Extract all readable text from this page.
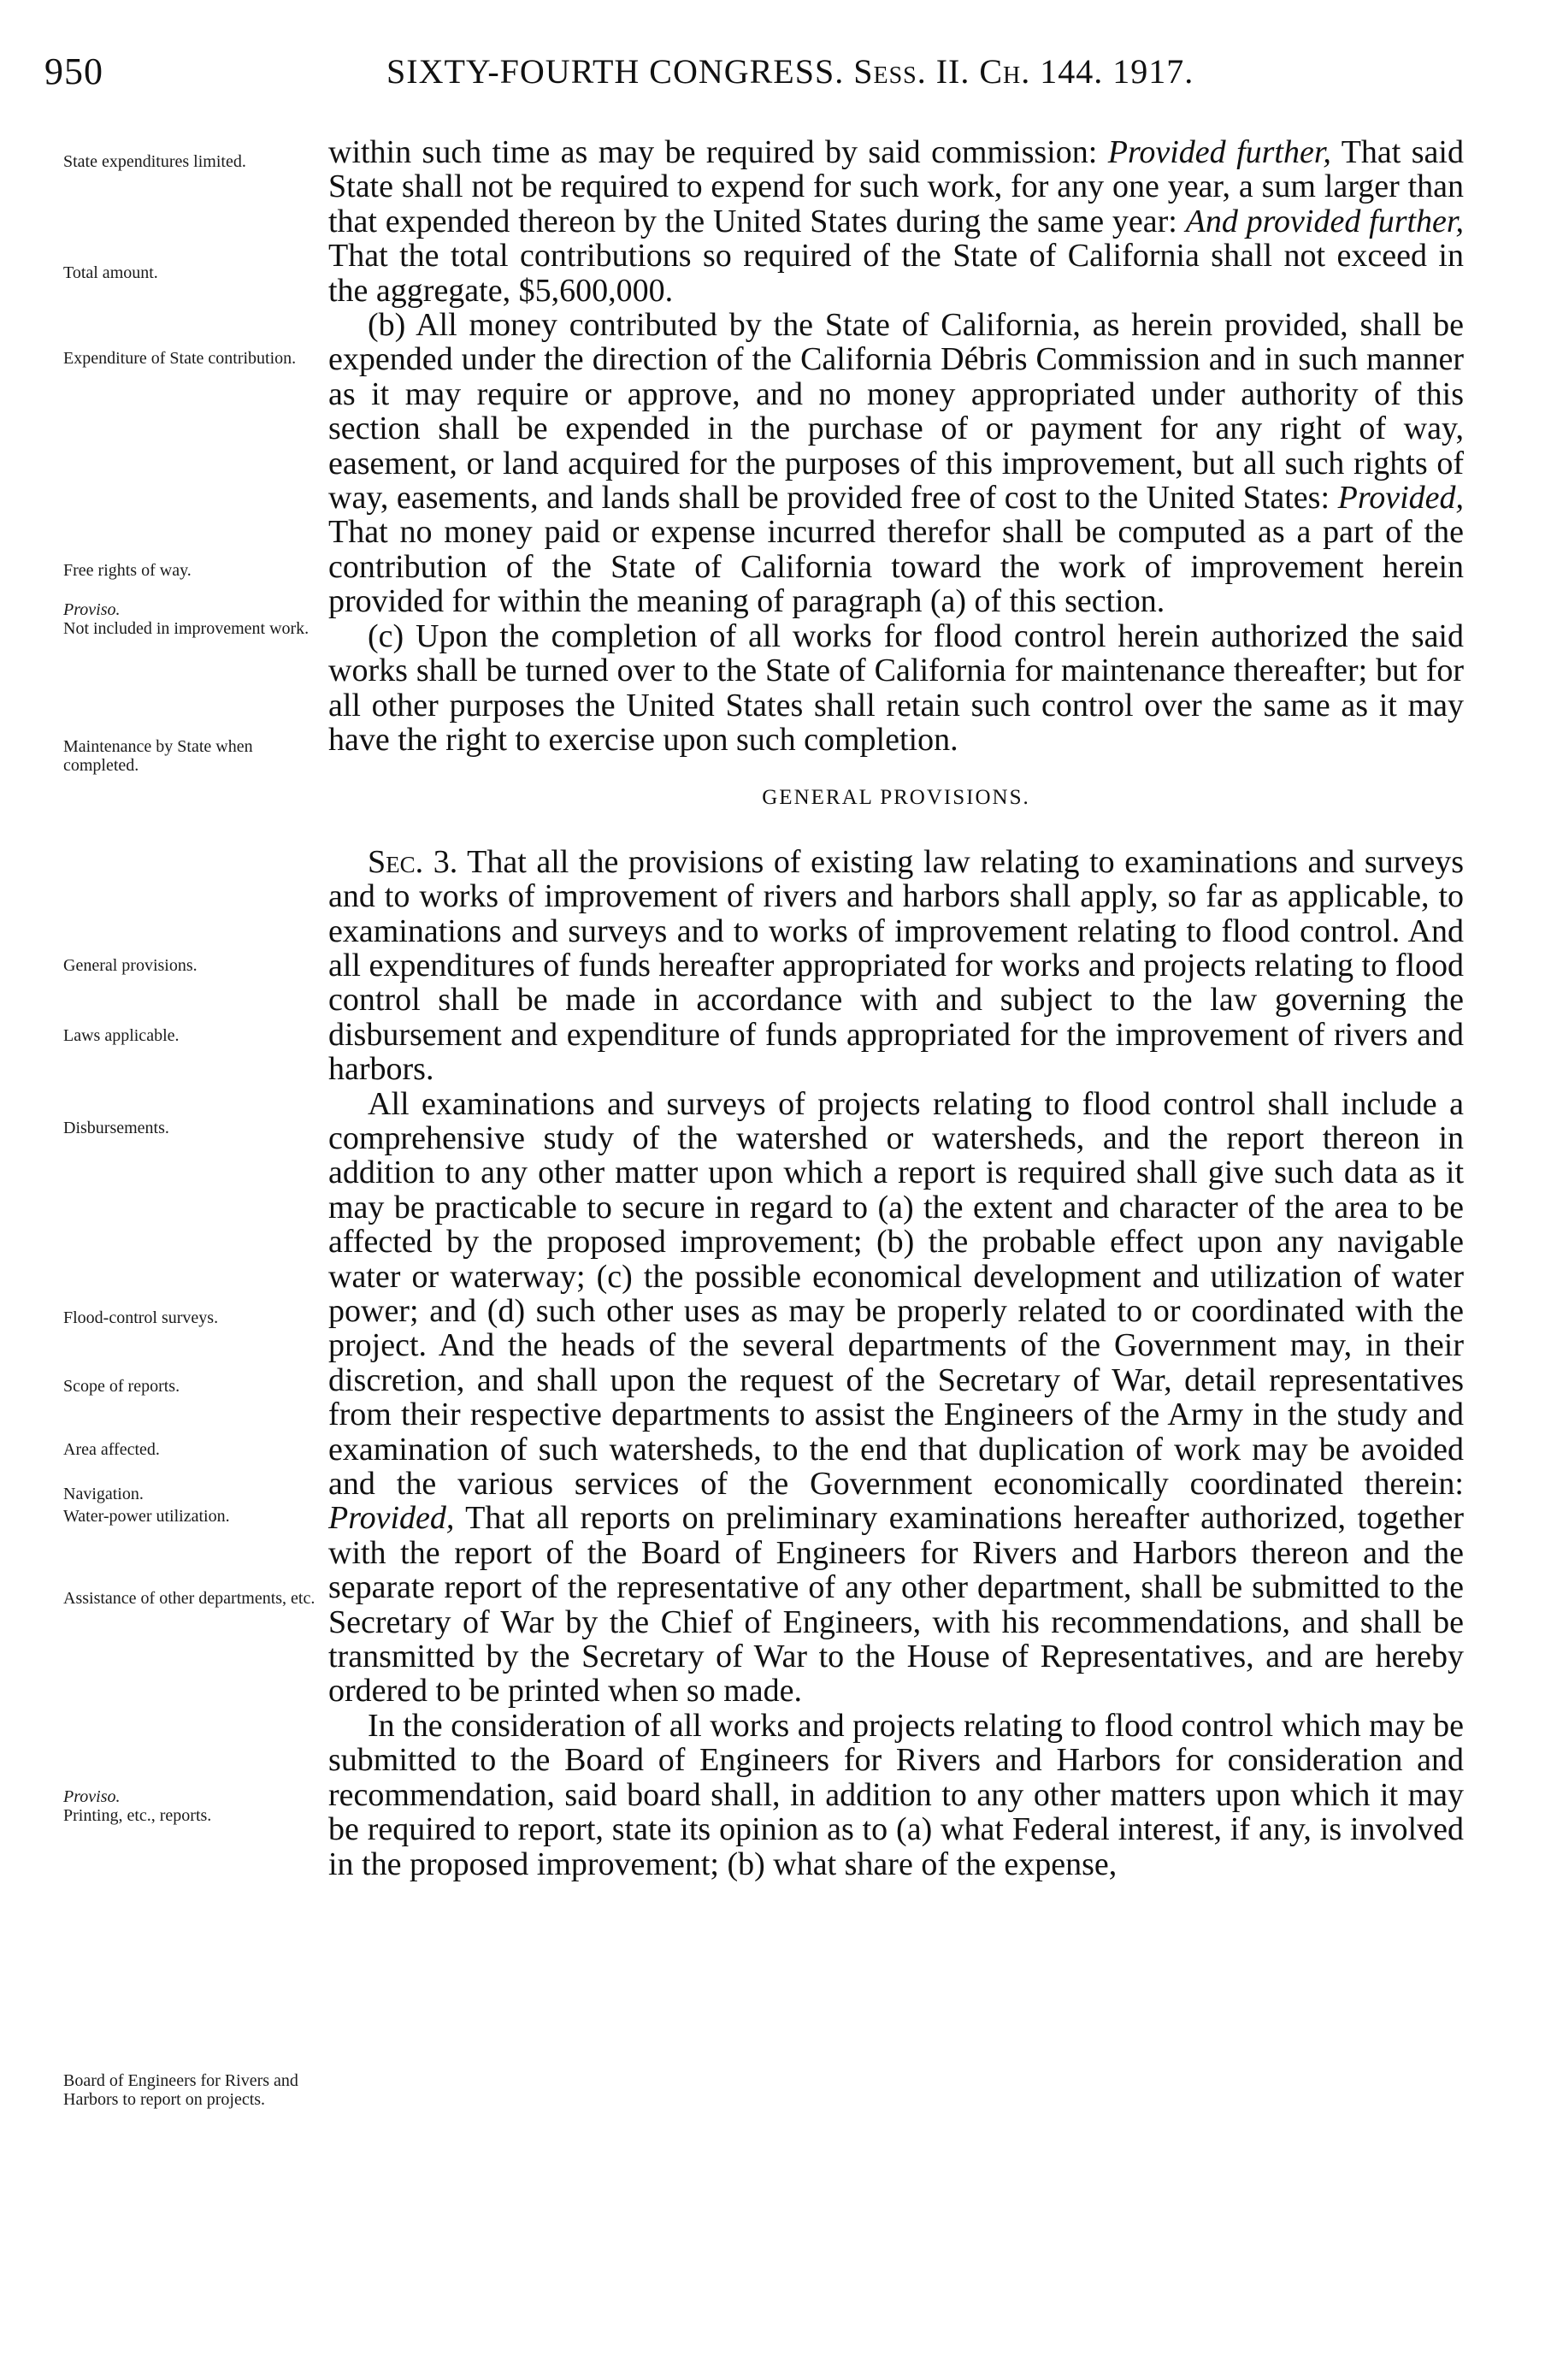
950	SIXTY-FOURTH CONGRESS. Sess. II. Ch. 144. 1917.
State expenditures limited.
Total amount.
Expenditure of State contribution.
Free rights of way.
Proviso.
Not included in improvement work.
Maintenance by State when completed.
General provisions.
Laws applicable.
Disbursements.
Flood-control surveys.
Scope of reports.
Area affected.
Navigation.
Water-power utilization.
Assistance of other departments, etc.
Proviso.
Printing, etc., reports.
Board of Engineers for Rivers and Harbors to report on projects.

within such time as may be required by said commission: Provided further, That said State shall not be required to expend for such work, for any one year, a sum larger than that expended thereon by the United States during the same year: And provided further, That the total contributions so required of the State of California shall not exceed in the aggregate, $5,600,000.

(b) All money contributed by the State of California, as herein provided, shall be expended under the direction of the California Débris Commission and in such manner as it may require or approve, and no money appropriated under authority of this section shall be expended in the purchase of or payment for any right of way, easement, or land acquired for the purposes of this improvement, but all such rights of way, easements, and lands shall be provided free of cost to the United States: Provided, That no money paid or expense incurred therefor shall be computed as a part of the contribution of the State of California toward the work of improvement herein provided for within the meaning of paragraph (a) of this section.

(c) Upon the completion of all works for flood control herein authorized the said works shall be turned over to the State of California for maintenance thereafter; but for all other purposes the United States shall retain such control over the same as it may have the right to exercise upon such completion.

GENERAL PROVISIONS.

Sec. 3. That all the provisions of existing law relating to examinations and surveys and to works of improvement of rivers and harbors shall apply, so far as applicable, to examinations and surveys and to works of improvement relating to flood control. And all expenditures of funds hereafter appropriated for works and projects relating to flood control shall be made in accordance with and subject to the law governing the disbursement and expenditure of funds appropriated for the improvement of rivers and harbors.

All examinations and surveys of projects relating to flood control shall include a comprehensive study of the watershed or watersheds, and the report thereon in addition to any other matter upon which a report is required shall give such data as it may be practicable to secure in regard to (a) the extent and character of the area to be affected by the proposed improvement; (b) the probable effect upon any navigable water or waterway; (c) the possible economical development and utilization of water power; and (d) such other uses as may be properly related to or coordinated with the project. And the heads of the several departments of the Government may, in their discretion, and shall upon the request of the Secretary of War, detail representatives from their respective departments to assist the Engineers of the Army in the study and examination of such watersheds, to the end that duplication of work may be avoided and the various services of the Government economically coordinated therein: Provided, That all reports on preliminary examinations hereafter authorized, together with the report of the Board of Engineers for Rivers and Harbors thereon and the separate report of the representative of any other department, shall be submitted to the Secretary of War by the Chief of Engineers, with his recommendations, and shall be transmitted by the Secretary of War to the House of Representatives, and are hereby ordered to be printed when so made.

In the consideration of all works and projects relating to flood control which may be submitted to the Board of Engineers for Rivers and Harbors for consideration and recommendation, said board shall, in addition to any other matters upon which it may be required to report, state its opinion as to (a) what Federal interest, if any, is involved in the proposed improvement; (b) what share of the expense,
